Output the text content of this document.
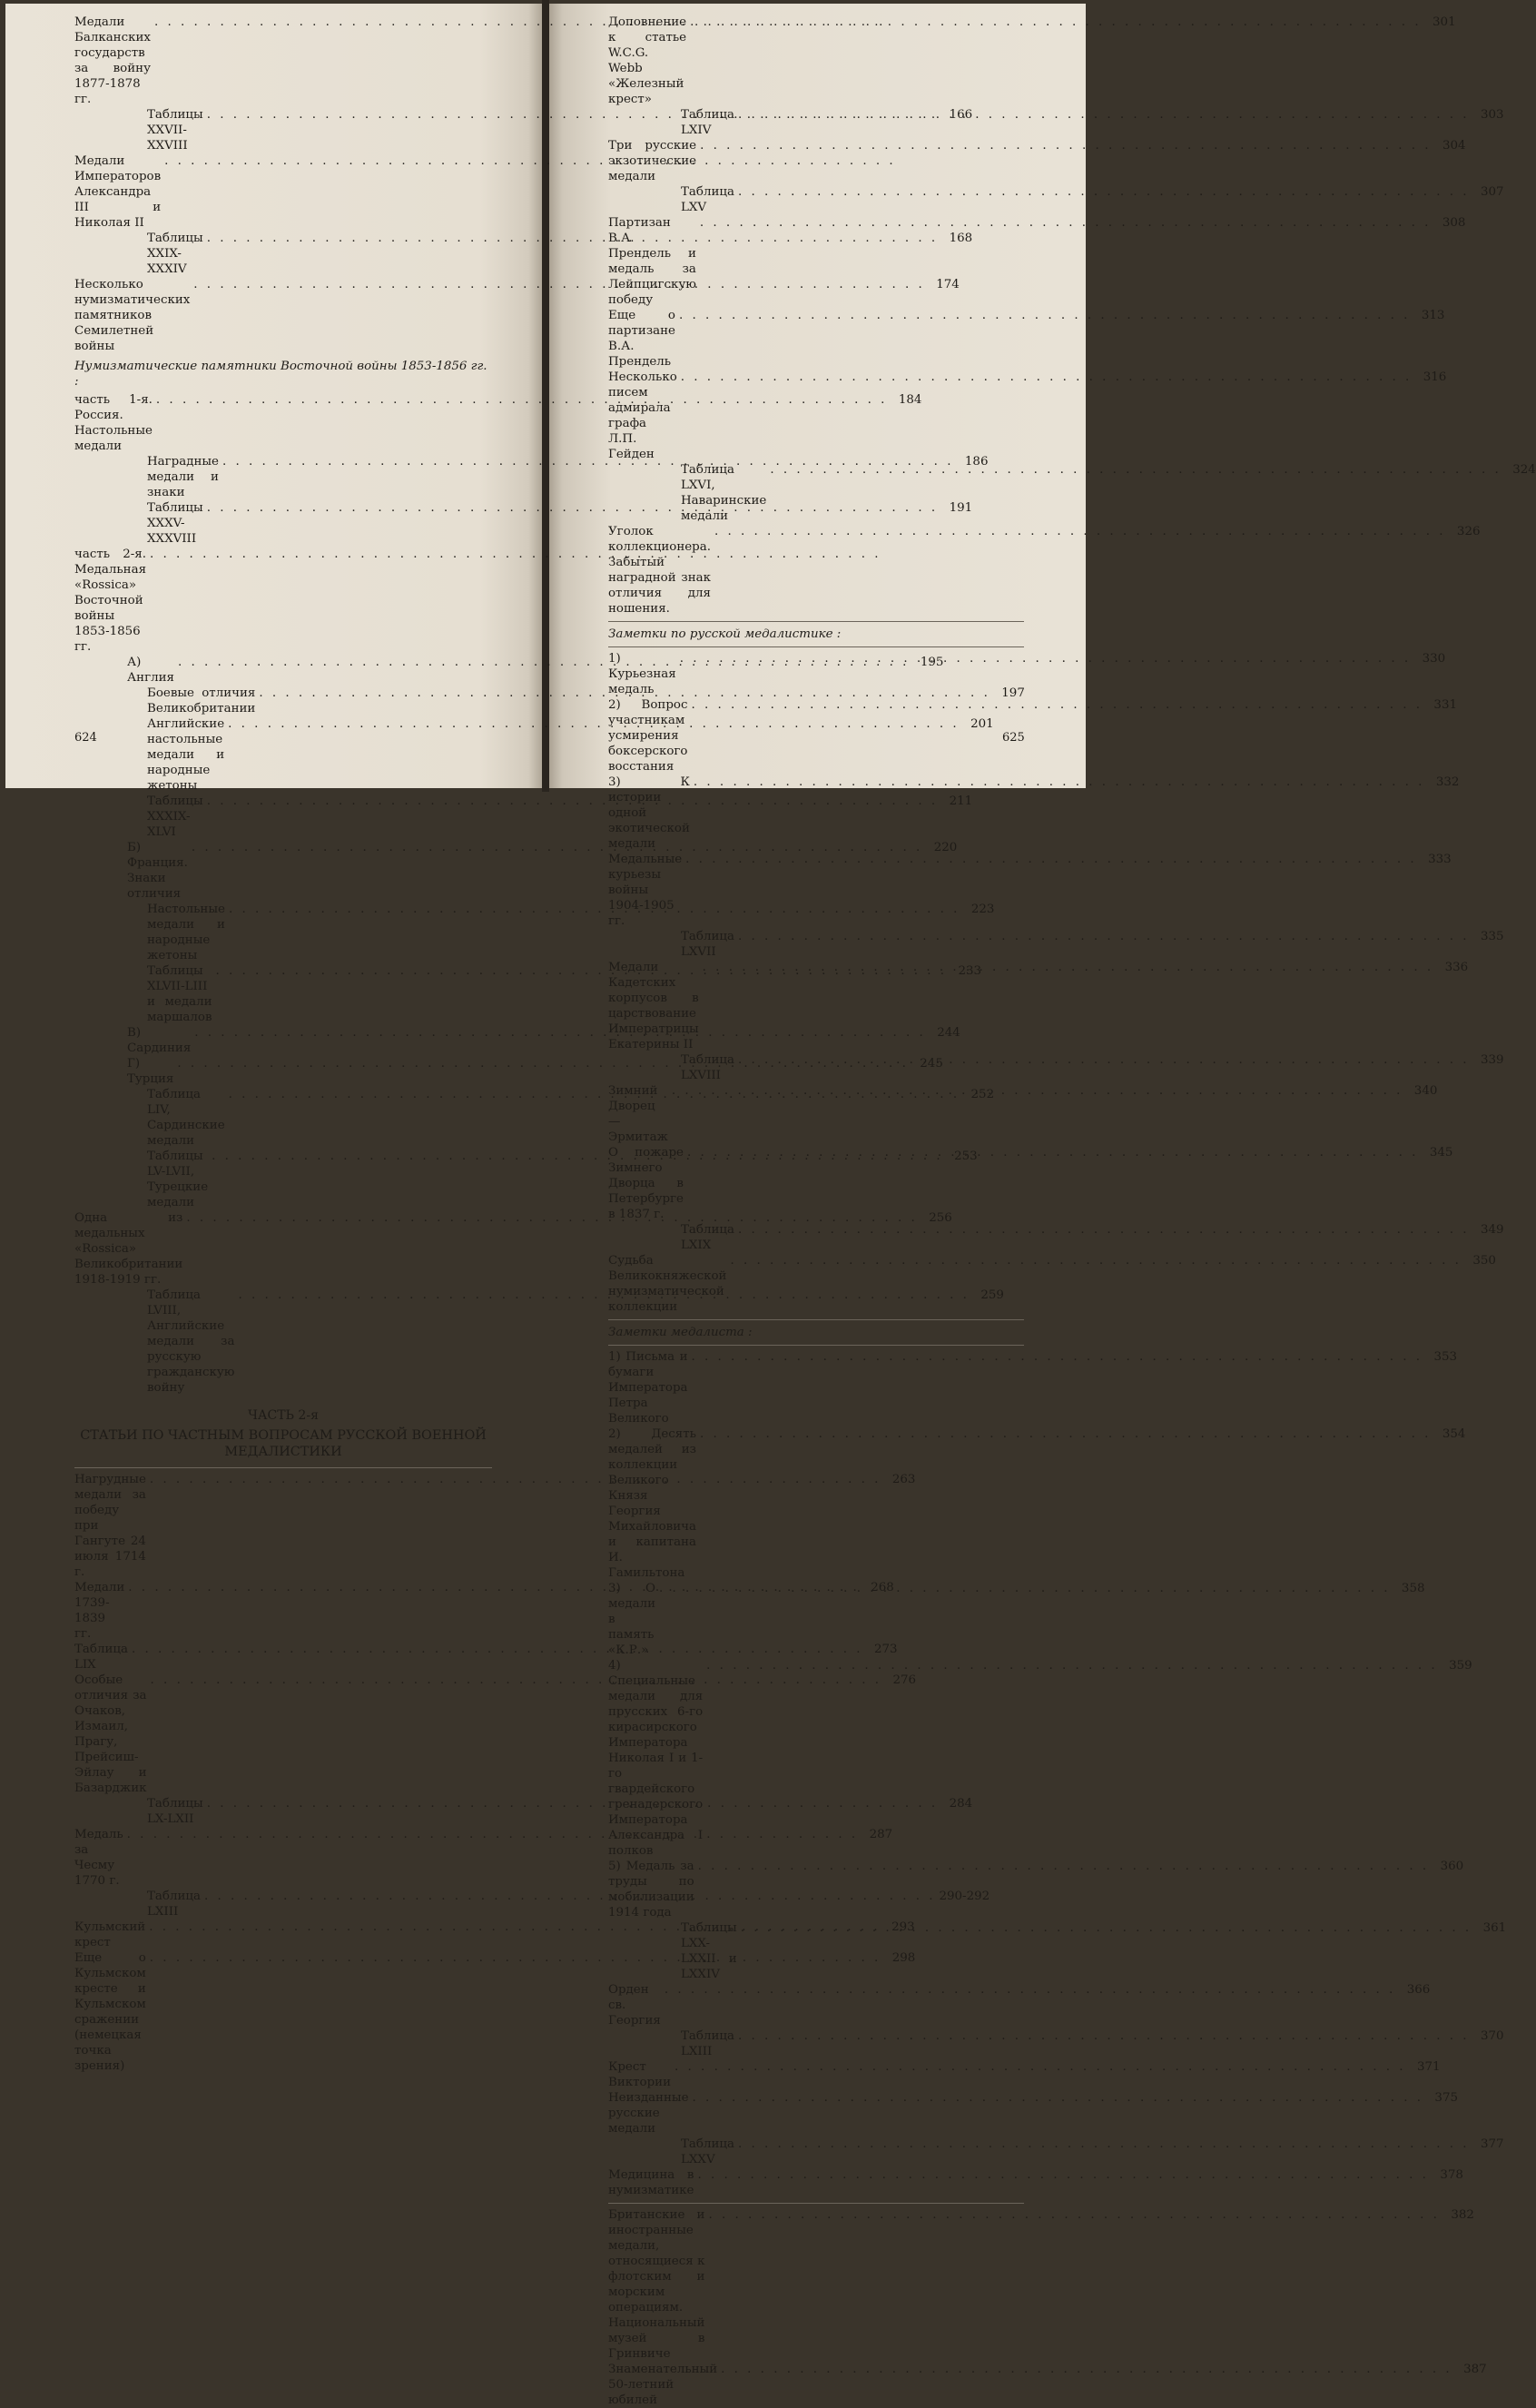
Медали Балканских государств за войну 1877-1878 гг.
. . .
Таблицы XXVII-XXVIII
. . .
166
Медали Императоров Александра III и Николая II
. . .
Таблицы XXIX-XXXIV
. . .
168
Несколько нумизматических памятников Семилетней войны
. . .
174
Нумизматические памятники Восточной войны 1853-1856 гг. :
часть 1-я. Россия. Настольные медали
. . .
184
Наградные медали и знаки
. . .
186
Таблицы XXXV-XXXVIII
. . .
191
часть 2-я. Медальная «Rossica» Восточной войны 1853-1856 гг.
. . .
А) Англия
. . .
195
Боевые отличия Великобритании
. . .
197
Английские настольные медали и народные жетоны
. . .
201
Таблицы XXXIX-XLVI
. . .
211
Б) Франция. Знаки отличия
. . .
220
Настольные медали и народные жетоны
. . .
223
Таблицы XLVII-LIII и медали маршалов
. . .
233
В) Сардиния
. . .
244
Г) Турция
. . .
245
Таблица LIV, Сардинские медали
. . .
252
Таблицы LV-LVII, Турецкие медали
. . .
253
Одна из медальных «Rossica» Великобритании 1918-1919 гг.
. . .
256
Таблица LVIII, Английские медали за русскую гражданскую войну
. . .
259
ЧАСТЬ 2-я
СТАТЬИ ПО ЧАСТНЫМ ВОПРОСАМ РУССКОЙ ВОЕННОЙ МЕДАЛИСТИКИ
Нагрудные медали за победу при Гангуте 24 июля 1714 г.
. . .
263
Медали 1739-1839 гг.
. . .
268
Таблица LIX
. . .
273
Особые отличия за Очаков, Измаил, Прагу, Прейсиш-Эйлау и Базарджик
. . .
276
Таблицы LX-LXII
. . .
284
Медаль за Чесму 1770 г.
. . .
287
Таблица LXIII
. . .
290-292
Кульмский крест
. . .
293
Еще о Кульмском кресте и Кульмском сражении (немецкая точка зрения)
. . .
298
Доповнение к статье W.C.G. Webb «Железный крест»
. . .
301
Таблица LXIV
. . .
303
Три русские экзотические медали
. . .
304
Таблица LXV
. . .
307
Партизан В.А. Прендель и медаль за Лейпцигскую победу
. . .
308
Еще о партизане В.А. Прендель
. . .
313
Несколько писем адмирала графа Л.П. Гейден
. . .
316
Таблица LXVI, Наваринские медали
. . .
324
Уголок коллекционера. Забытый наградной знак отличия для ношения.
. . .
326
Заметки по русской медалистике :
1) Курьезная медаль
. . .
330
2) Вопрос участникам усмирения боксерского восстания
. . .
331
3) К истории одной экотической медали
. . .
332
Медальные курьезы войны 1904-1905 гг.
. . .
333
Таблица LXVII
. . .
335
Медали Кадетских корпусов в царствование Императрицы Екатерины II
. . .
336
Таблица LXVIII
. . .
339
Зимний Дворец — Эрмитаж
. . .
340
О пожаре Зимнего Дворца в Петербурге в 1837 г.
. . .
345
Таблица LXIX
. . .
349
Судьба Великокняжеской нумизматической коллекции
. . .
350
Заметки медалиста :
1) Письма и бумаги Императора Петра Великого
. . .
353
2) Десять медалей из коллекции Великого Князя Георгия Михайловича и капитана И. Гамильтона
. . .
354
3) О медали в память «К.Р.»
. . .
358
4) Специальные медали для прусских 6-го кирасирского Императора Николая I и 1-го гвардейского гренадерского Императора Александра I полков
. . .
359
5) Медаль за труды по мобилизации 1914 года
. . .
360
Таблицы LXX-LXXII и LXXIV
. . .
361
Орден св. Георгия
. . .
366
Таблица LXIII
. . .
370
Крест Виктории
. . .
371
Неизданные русские медали
. . .
375
Таблица LXXV
. . .
377
Медицина в нумизматике
. . .
378
Британские и иностранные медали, относящиеся к флотским и морским операциям. Национальный музей в Гринвиче
. . .
382
Знаменательный 50-летний юбилей
. . .
387
624	625
